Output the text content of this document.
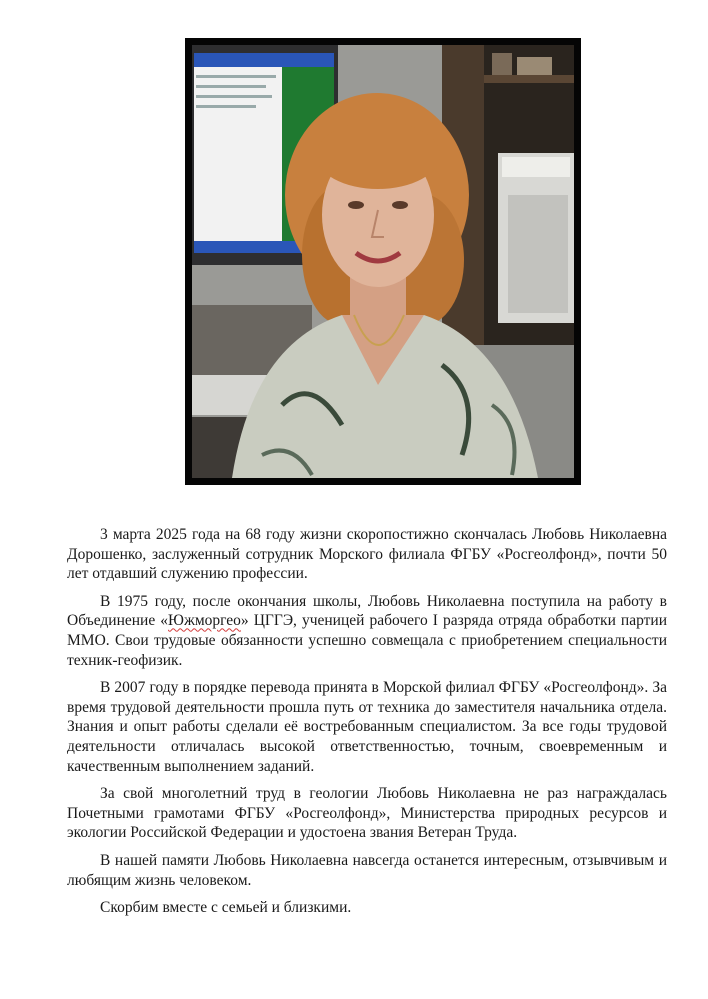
3 марта 2025 года на 68 году жизни скоропостижно скончалась Любовь Николаевна Дорошенко, заслуженный сотрудник Морского филиала ФГБУ «Росгеолфонд», почти 50 лет отдавший служению профессии.

В 1975 году, после окончания школы, Любовь Николаевна поступила на работу в Объединение «Южморгео» ЦГГЭ, ученицей рабочего I разряда отряда обработки партии ММО. Свои трудовые обязанности успешно совмещала с приобретением специальности техник-геофизик.

В 2007 году в порядке перевода принята в Морской филиал ФГБУ «Росгеолфонд». За время трудовой деятельности прошла путь от техника до заместителя начальника отдела. Знания и опыт работы сделали её востребованным специалистом. За все годы трудовой деятельности отличалась высокой ответственностью, точным, своевременным и качественным выполнением заданий.

За свой многолетний труд в геологии Любовь Николаевна не раз награждалась Почетными грамотами ФГБУ «Росгеолфонд», Министерства природных ресурсов и экологии Российской Федерации и удостоена звания Ветеран Труда.

В нашей памяти Любовь Николаевна навсегда останется интересным, отзывчивым и любящим жизнь человеком.

Скорбим вместе с семьей и близкими.
